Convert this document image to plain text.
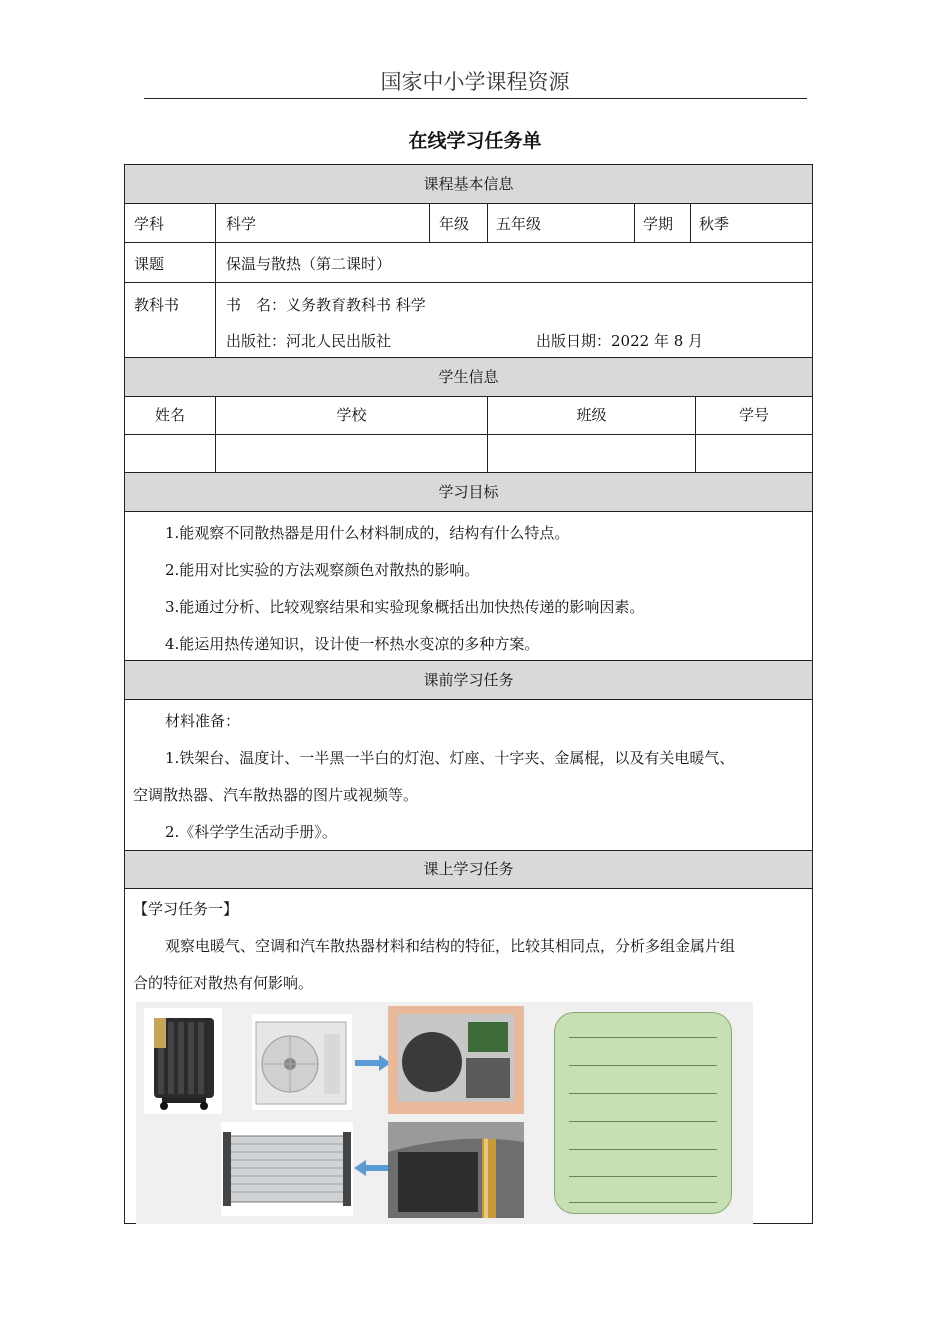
国家中小学课程资源
在线学习任务单
课程基本信息
学科	科学	年级 五年级	学期 秋季
课题	保温与散热（第二课时）
教科书	书　名：义务教育教科书 科学
出版社：河北人民出版社	出版日期：2022 年 8 月
学生信息
姓名	学校	班级	学号
学习目标
1.能观察不同散热器是用什么材料制成的，结构有什么特点。
2.能用对比实验的方法观察颜色对散热的影响。
3.能通过分析、比较观察结果和实验现象概括出加快热传递的影响因素。
4.能运用热传递知识，设计使一杯热水变凉的多种方案。
课前学习任务
材料准备：
1.铁架台、温度计、一半黑一半白的灯泡、灯座、十字夹、金属棍，以及有关电暖气、
空调散热器、汽车散热器的图片或视频等。
2.《科学学生活动手册》。
课上学习任务
【学习任务一】
观察电暖气、空调和汽车散热器材料和结构的特征，比较其相同点，分析多组金属片组
合的特征对散热有何影响。
